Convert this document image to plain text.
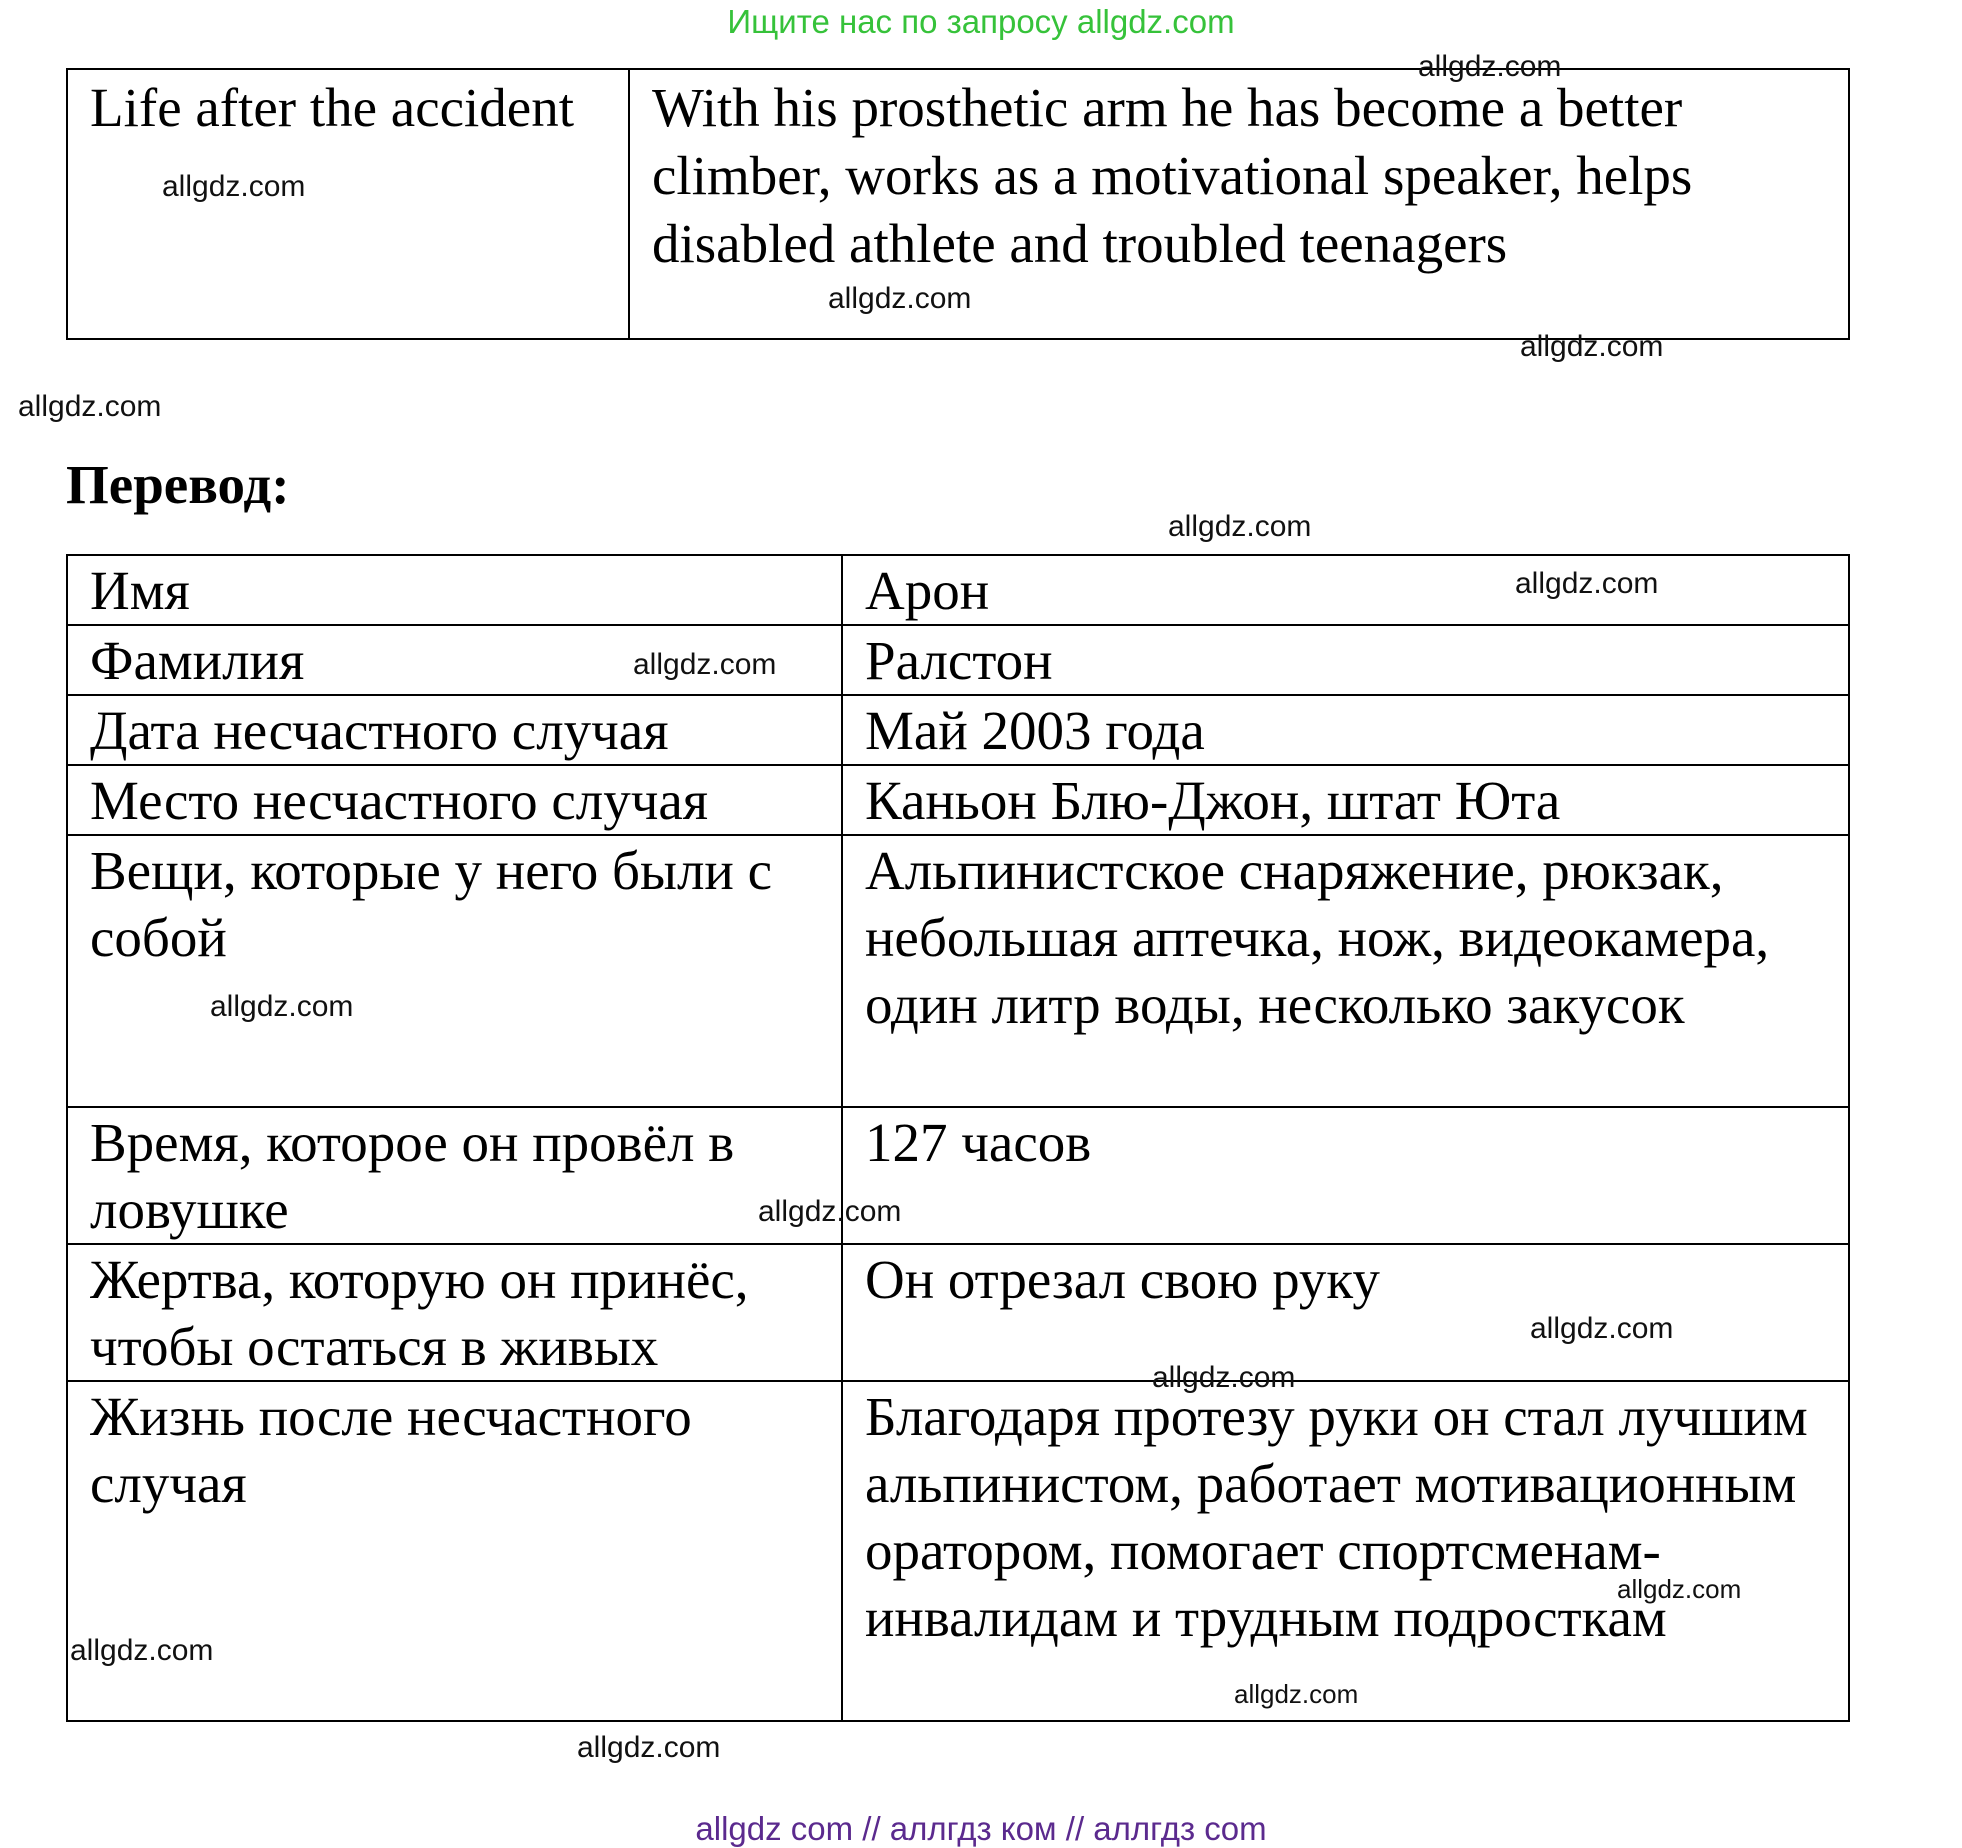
Ищите нас по запросу allgdz.com
Life after the accident	With his prosthetic arm he has become a better climber, works as a motivational speaker, helps disabled athlete and troubled teenagers
Перевод:
Имя	Арон
Фамилия	Ралстон
Дата несчастного случая	Май 2003 года
Место несчастного случая	Каньон Блю-Джон, штат Юта
Вещи, которые у него были с собой	Альпинистское снаряжение, рюкзак, небольшая аптечка, нож, видеокамера, один литр воды, несколько закусок
Время, которое он провёл в ловушке	127 часов
Жертва, которую он принёс, чтобы остаться в живых	Он отрезал свою руку
Жизнь после несчастного случая	Благодаря протезу руки он стал лучшим альпинистом, работает мотивационным оратором, помогает спортсменам-инвалидам и трудным подросткам
allgdz.com
allgdz.com
allgdz.com
allgdz.com
allgdz.com
allgdz.com
allgdz.com
allgdz.com
allgdz.com
allgdz.com
allgdz.com
allgdz.com
allgdz.com
allgdz.com
allgdz.com
allgdz.com
allgdz com // аллгдз ком // аллгдз com
